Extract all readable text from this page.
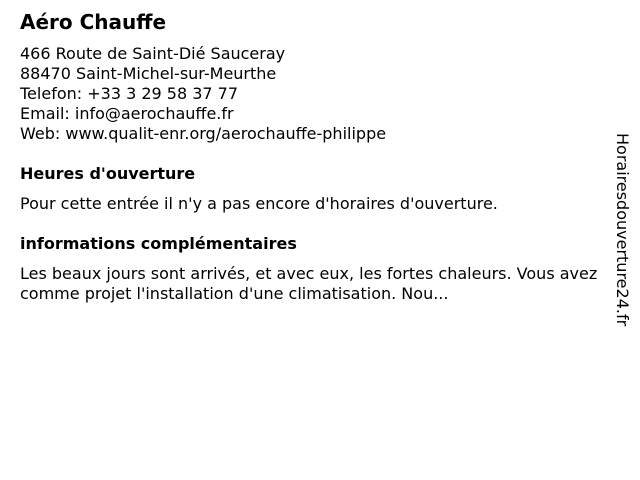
Aéro Chauffe

466 Route de Saint-Dié Sauceray

88470 Saint-Michel-sur-Meurthe

Telefon: +33 3 29 58 37 77

Email: info@aerochauffe.fr

Web: www.qualit-enr.org/aerochauffe-philippe

Heures d'ouverture

Pour cette entrée il n'y a pas encore d'horaires d'ouverture.

informations complémentaires

Les beaux jours sont arrivés, et avec eux, les fortes chaleurs. Vous avez comme projet l'installation d'une climatisation. Nou...	Horairesdouverture24.fr
